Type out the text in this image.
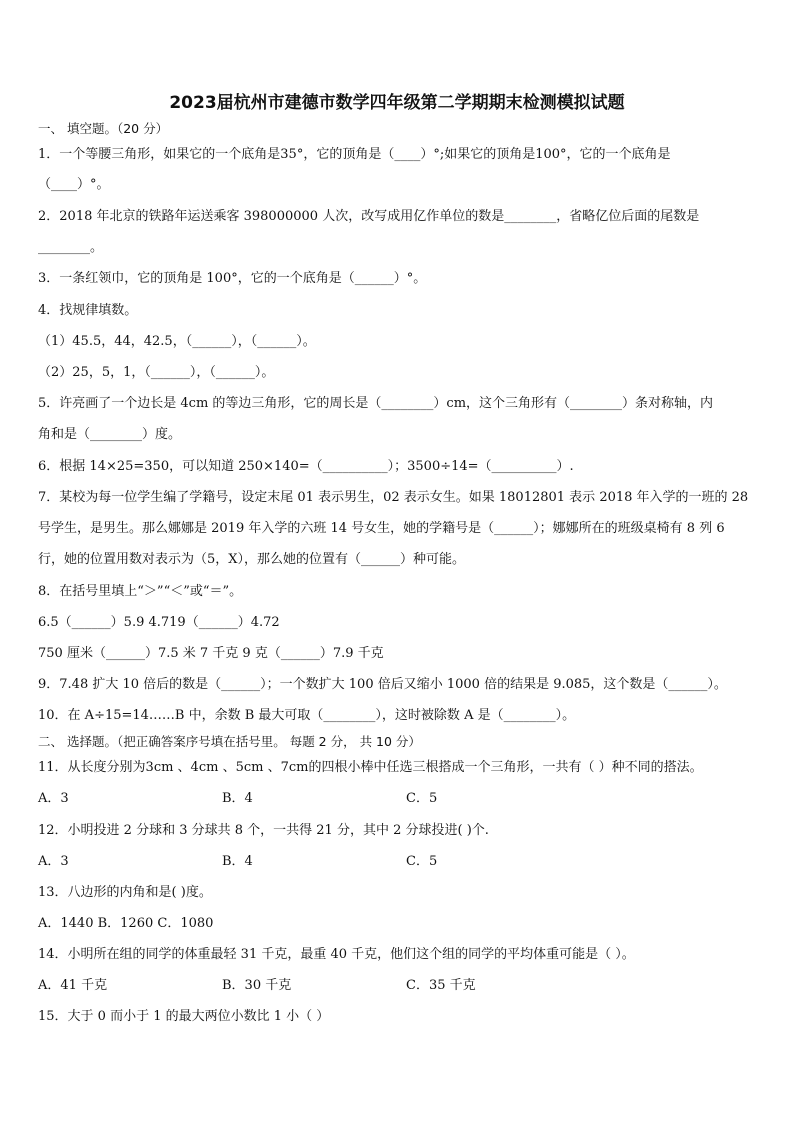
2023届杭州市建德市数学四年级第二学期期末检测模拟试题
一、 填空题。（20 分）
1．一个等腰三角形，如果它的一个底角是35°，它的顶角是（____）°;如果它的顶角是100°，它的一个底角是
（____）°。
2．2018 年北京的铁路年运送乘客 398000000 人次，改写成用亿作单位的数是________，省略亿位后面的尾数是
________。
3．一条红领巾，它的顶角是 100°，它的一个底角是（______）°。
4．找规律填数。
（1）45.5，44，42.5，（______），（______）。
（2）25，5，1，（______），（______）。
5．许亮画了一个边长是 4cm 的等边三角形，它的周长是（________）cm，这个三角形有（________）条对称轴，内
角和是（________）度。
6．根据 14×25=350，可以知道 250×140=（__________）；3500÷14=（__________）.
7．某校为每一位学生编了学籍号，设定末尾 01 表示男生，02 表示女生。如果 18012801 表示 2018 年入学的一班的 28
号学生，是男生。那么娜娜是 2019 年入学的六班 14 号女生，她的学籍号是（______）；娜娜所在的班级桌椅有 8 列 6
行，她的位置用数对表示为（5，X），那么她的位置有（______）种可能。
8．在括号里填上“＞”“＜”或“＝”。
6.5（______）5.9 4.719（______）4.72
750 厘米（______）7.5 米 7 千克 9 克（______）7.9 千克
9．7.48 扩大 10 倍后的数是（______）；一个数扩大 100 倍后又缩小 1000 倍的结果是 9.085，这个数是（______）。
10．在 A÷15=14……B 中，余数 B 最大可取（________），这时被除数 A 是（________）。
二、 选择题。（把正确答案序号填在括号里。 每题 2 分， 共 10 分）
11．从长度分别为3cm 、4cm 、5cm 、7cm的四根小棒中任选三根搭成一个三角形，一共有（ ）种不同的搭法。
A．3	B．4	C．5
12．小明投进 2 分球和 3 分球共 8 个，一共得 21 分，其中 2 分球投进( )个.
A．3	B．4	C．5
13．八边形的内角和是( )度。
A．1440 B．1260 C．1080
14．小明所在组的同学的体重最轻 31 千克，最重 40 千克，他们这个组的同学的平均体重可能是（ ）。
A．41 千克	B．30 千克	C．35 千克
15．大于 0 而小于 1 的最大两位小数比 1 小（ ）
